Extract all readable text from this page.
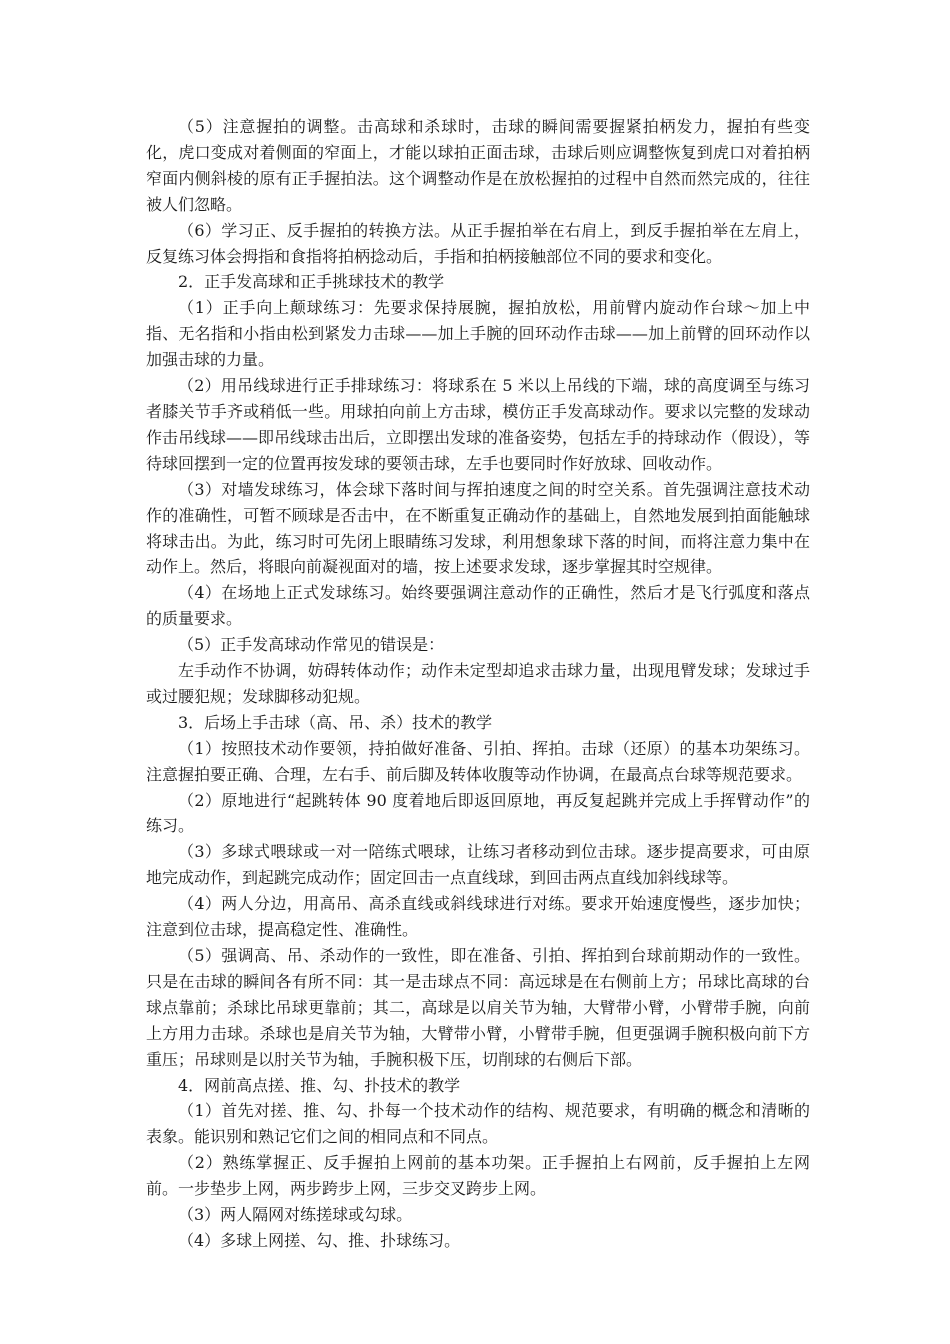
（5）注意握拍的调整。击高球和杀球时，击球的瞬间需要握紧拍柄发力，握拍有些变化，虎口变成对着侧面的窄面上，才能以球拍正面击球，击球后则应调整恢复到虎口对着拍柄窄面内侧斜棱的原有正手握拍法。这个调整动作是在放松握拍的过程中自然而然完成的，往往被人们忽略。

（6）学习正、反手握拍的转换方法。从正手握拍举在右肩上，到反手握拍举在左肩上，反复练习体会拇指和食指将拍柄捻动后，手指和拍柄接触部位不同的要求和变化。

2．正手发高球和正手挑球技术的教学

（1）正手向上颠球练习：先要求保持展腕，握拍放松，用前臂内旋动作台球～加上中指、无名指和小指由松到紧发力击球——加上手腕的回环动作击球——加上前臂的回环动作以加强击球的力量。

（2）用吊线球进行正手排球练习：将球系在 5 米以上吊线的下端，球的高度调至与练习者膝关节手齐或稍低一些。用球拍向前上方击球，模仿正手发高球动作。要求以完整的发球动作击吊线球——即吊线球击出后，立即摆出发球的准备姿势，包括左手的持球动作（假设），等待球回摆到一定的位置再按发球的要领击球，左手也要同时作好放球、回收动作。

（3）对墙发球练习，体会球下落时间与挥拍速度之间的时空关系。首先强调注意技术动作的准确性，可暂不顾球是否击中，在不断重复正确动作的基础上，自然地发展到拍面能触球将球击出。为此，练习时可先闭上眼睛练习发球，利用想象球下落的时间，而将注意力集中在动作上。然后，将眼向前凝视面对的墙，按上述要求发球，逐步掌握其时空规律。

（4）在场地上正式发球练习。始终要强调注意动作的正确性，然后才是飞行弧度和落点的质量要求。

（5）正手发高球动作常见的错误是：

左手动作不协调，妨碍转体动作；动作未定型却追求击球力量，出现甩臂发球；发球过手或过腰犯规；发球脚移动犯规。

3．后场上手击球（高、吊、杀）技术的教学

（1）按照技术动作要领，持拍做好准备、引拍、挥拍。击球（还原）的基本功架练习。注意握拍要正确、合理，左右手、前后脚及转体收腹等动作协调，在最高点台球等规范要求。

（2）原地进行“起跳转体 90 度着地后即返回原地，再反复起跳并完成上手挥臂动作”的练习。

（3）多球式喂球或一对一陪练式喂球，让练习者移动到位击球。逐步提高要求，可由原地完成动作，到起跳完成动作；固定回击一点直线球，到回击两点直线加斜线球等。

（4）两人分边，用高吊、高杀直线或斜线球进行对练。要求开始速度慢些，逐步加快；注意到位击球，提高稳定性、准确性。

（5）强调高、吊、杀动作的一致性，即在准备、引拍、挥拍到台球前期动作的一致性。只是在击球的瞬间各有所不同：其一是击球点不同：高远球是在右侧前上方；吊球比高球的台球点靠前；杀球比吊球更靠前；其二，高球是以肩关节为轴，大臂带小臂，小臂带手腕，向前上方用力击球。杀球也是肩关节为轴，大臂带小臂，小臂带手腕，但更强调手腕积极向前下方重压；吊球则是以肘关节为轴，手腕积极下压，切削球的右侧后下部。

4．网前高点搓、推、勾、扑技术的教学

（1）首先对搓、推、勾、扑每一个技术动作的结构、规范要求，有明确的概念和清晰的表象。能识别和熟记它们之间的相同点和不同点。

（2）熟练掌握正、反手握拍上网前的基本功架。正手握拍上右网前，反手握拍上左网前。一步垫步上网，两步跨步上网，三步交叉跨步上网。

（3）两人隔网对练搓球或勾球。

（4）多球上网搓、勾、推、扑球练习。
